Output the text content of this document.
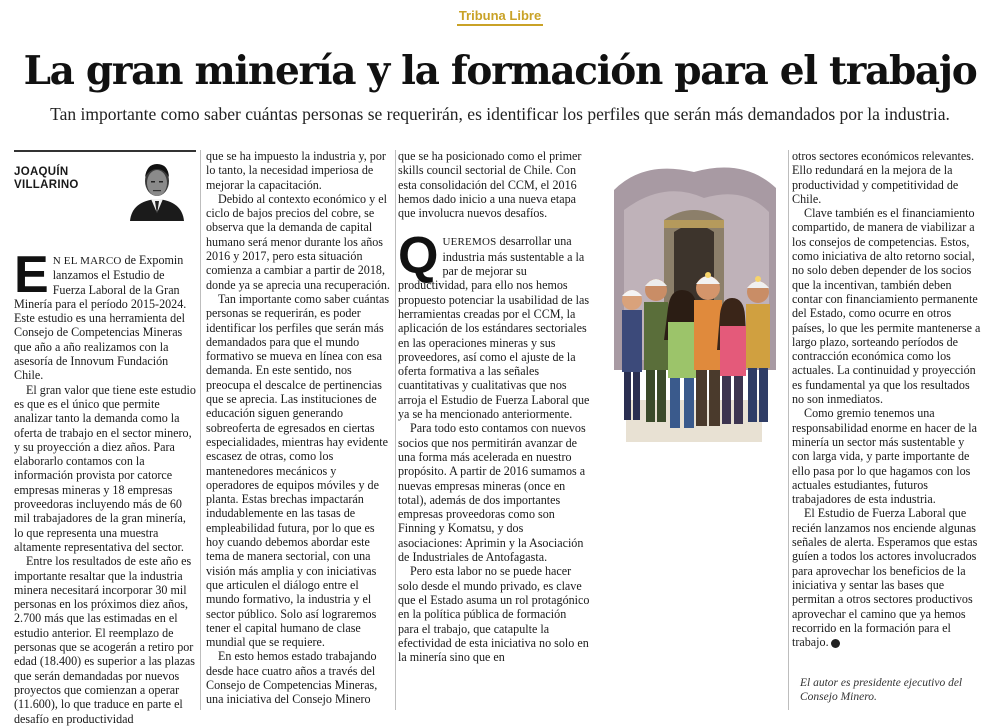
Tribuna Libre
La gran minería y la formación para el trabajo
Tan importante como saber cuántas personas se requerirán, es identificar los perfiles que serán más demandados por la industria.
JOAQUÍN
VILLARINO

E N EL MARCO de Expomin lanzamos el Estudio de Fuerza Laboral de la Gran Minería para el período 2015-2024. Este estudio es una herramienta del Consejo de Competencias Mineras que año a año realizamos con la asesoría de Innovum Fundación Chile.

El gran valor que tiene este estudio es que es el único que permite analizar tanto la demanda como la oferta de trabajo en el sector minero, y su proyección a diez años. Para elaborarlo contamos con la información provista por catorce empresas mineras y 18 empresas proveedoras incluyendo más de 60 mil trabajadores de la gran minería, lo que representa una muestra altamente representativa del sector.

Entre los resultados de este año es importante resaltar que la industria minera necesitará incorporar 30 mil personas en los próximos diez años, 2.700 más que las estimadas en el estudio anterior. El reemplazo de personas que se acogerán a retiro por edad (18.400) es superior a las plazas que serán demandadas por nuevos proyectos que comienzan a operar (11.600), lo que traduce en parte el desafío en productividad

que se ha impuesto la industria y, por lo tanto, la necesidad imperiosa de mejorar la capacitación.

Debido al contexto económico y el ciclo de bajos precios del cobre, se observa que la demanda de capital humano será menor durante los años 2016 y 2017, pero esta situación comienza a cambiar a partir de 2018, donde ya se aprecia una recuperación.

Tan importante como saber cuántas personas se requerirán, es poder identificar los perfiles que serán más demandados para que el mundo formativo se mueva en línea con esa demanda. En este sentido, nos preocupa el descalce de pertinencias que se aprecia. Las instituciones de educación siguen generando sobreoferta de egresados en ciertas especialidades, mientras hay evidente escasez de otras, como los mantenedores mecánicos y operadores de equipos móviles y de planta. Estas brechas impactarán indudablemente en las tasas de empleabilidad futura, por lo que es hoy cuando debemos abordar este tema de manera sectorial, con una visión más amplia y con iniciativas que articulen el diálogo entre el mundo formativo, la industria y el sector público. Solo así lograremos tener el capital humano de clase mundial que se requiere.

En esto hemos estado trabajando desde hace cuatro años a través del Consejo de Competencias Mineras, una iniciativa del Consejo Minero

que se ha posicionado como el primer skills council sectorial de Chile. Con esta consolidación del CCM, el 2016 hemos dado inicio a una nueva etapa que involucra nuevos desafíos.

QUEREMOS desarrollar una industria más sustentable a la par de mejorar su productividad, para ello nos hemos propuesto potenciar la usabilidad de las herramientas creadas por el CCM, la aplicación de los estándares sectoriales en las operaciones mineras y sus proveedores, así como el ajuste de la oferta formativa a las señales cuantitativas y cualitativas que nos arroja el Estudio de Fuerza Laboral que ya se ha mencionado anteriormente.

Para todo esto contamos con nuevos socios que nos permitirán avanzar de una forma más acelerada en nuestro propósito. A partir de 2016 sumamos a nuevas empresas mineras (once en total), además de dos importantes empresas proveedoras como son Finning y Komatsu, y dos asociaciones: Aprimin y la Asociación de Industriales de Antofagasta.

Pero esta labor no se puede hacer solo desde el mundo privado, es clave que el Estado asuma un rol protagónico en la política pública de formación para el trabajo, que catapulte la efectividad de esta iniciativa no solo en la minería sino que en

otros sectores económicos relevantes. Ello redundará en la mejora de la productividad y competitividad de Chile.

Clave también es el financiamiento compartido, de manera de viabilizar a los consejos de competencias. Estos, como iniciativa de alto retorno social, no solo deben depender de los socios que la incentivan, también deben contar con financiamiento permanente del Estado, como ocurre en otros países, lo que les permite mantenerse a largo plazo, sorteando períodos de contracción económica como los actuales. La continuidad y proyección es fundamental ya que los resultados no son inmediatos.

Como gremio tenemos una responsabilidad enorme en hacer de la minería un sector más sustentable y con larga vida, y parte importante de ello pasa por lo que hagamos con los actuales estudiantes, futuros trabajadores de esta industria.

El Estudio de Fuerza Laboral que recién lanzamos nos enciende algunas señales de alerta. Esperamos que estas guíen a todos los actores involucrados para aprovechar los beneficios de la iniciativa y sentar las bases que permitan a otros sectores productivos aprovechar el camino que ya hemos recorrido en la formación para el trabajo.

El autor es presidente ejecutivo del Consejo Minero.
